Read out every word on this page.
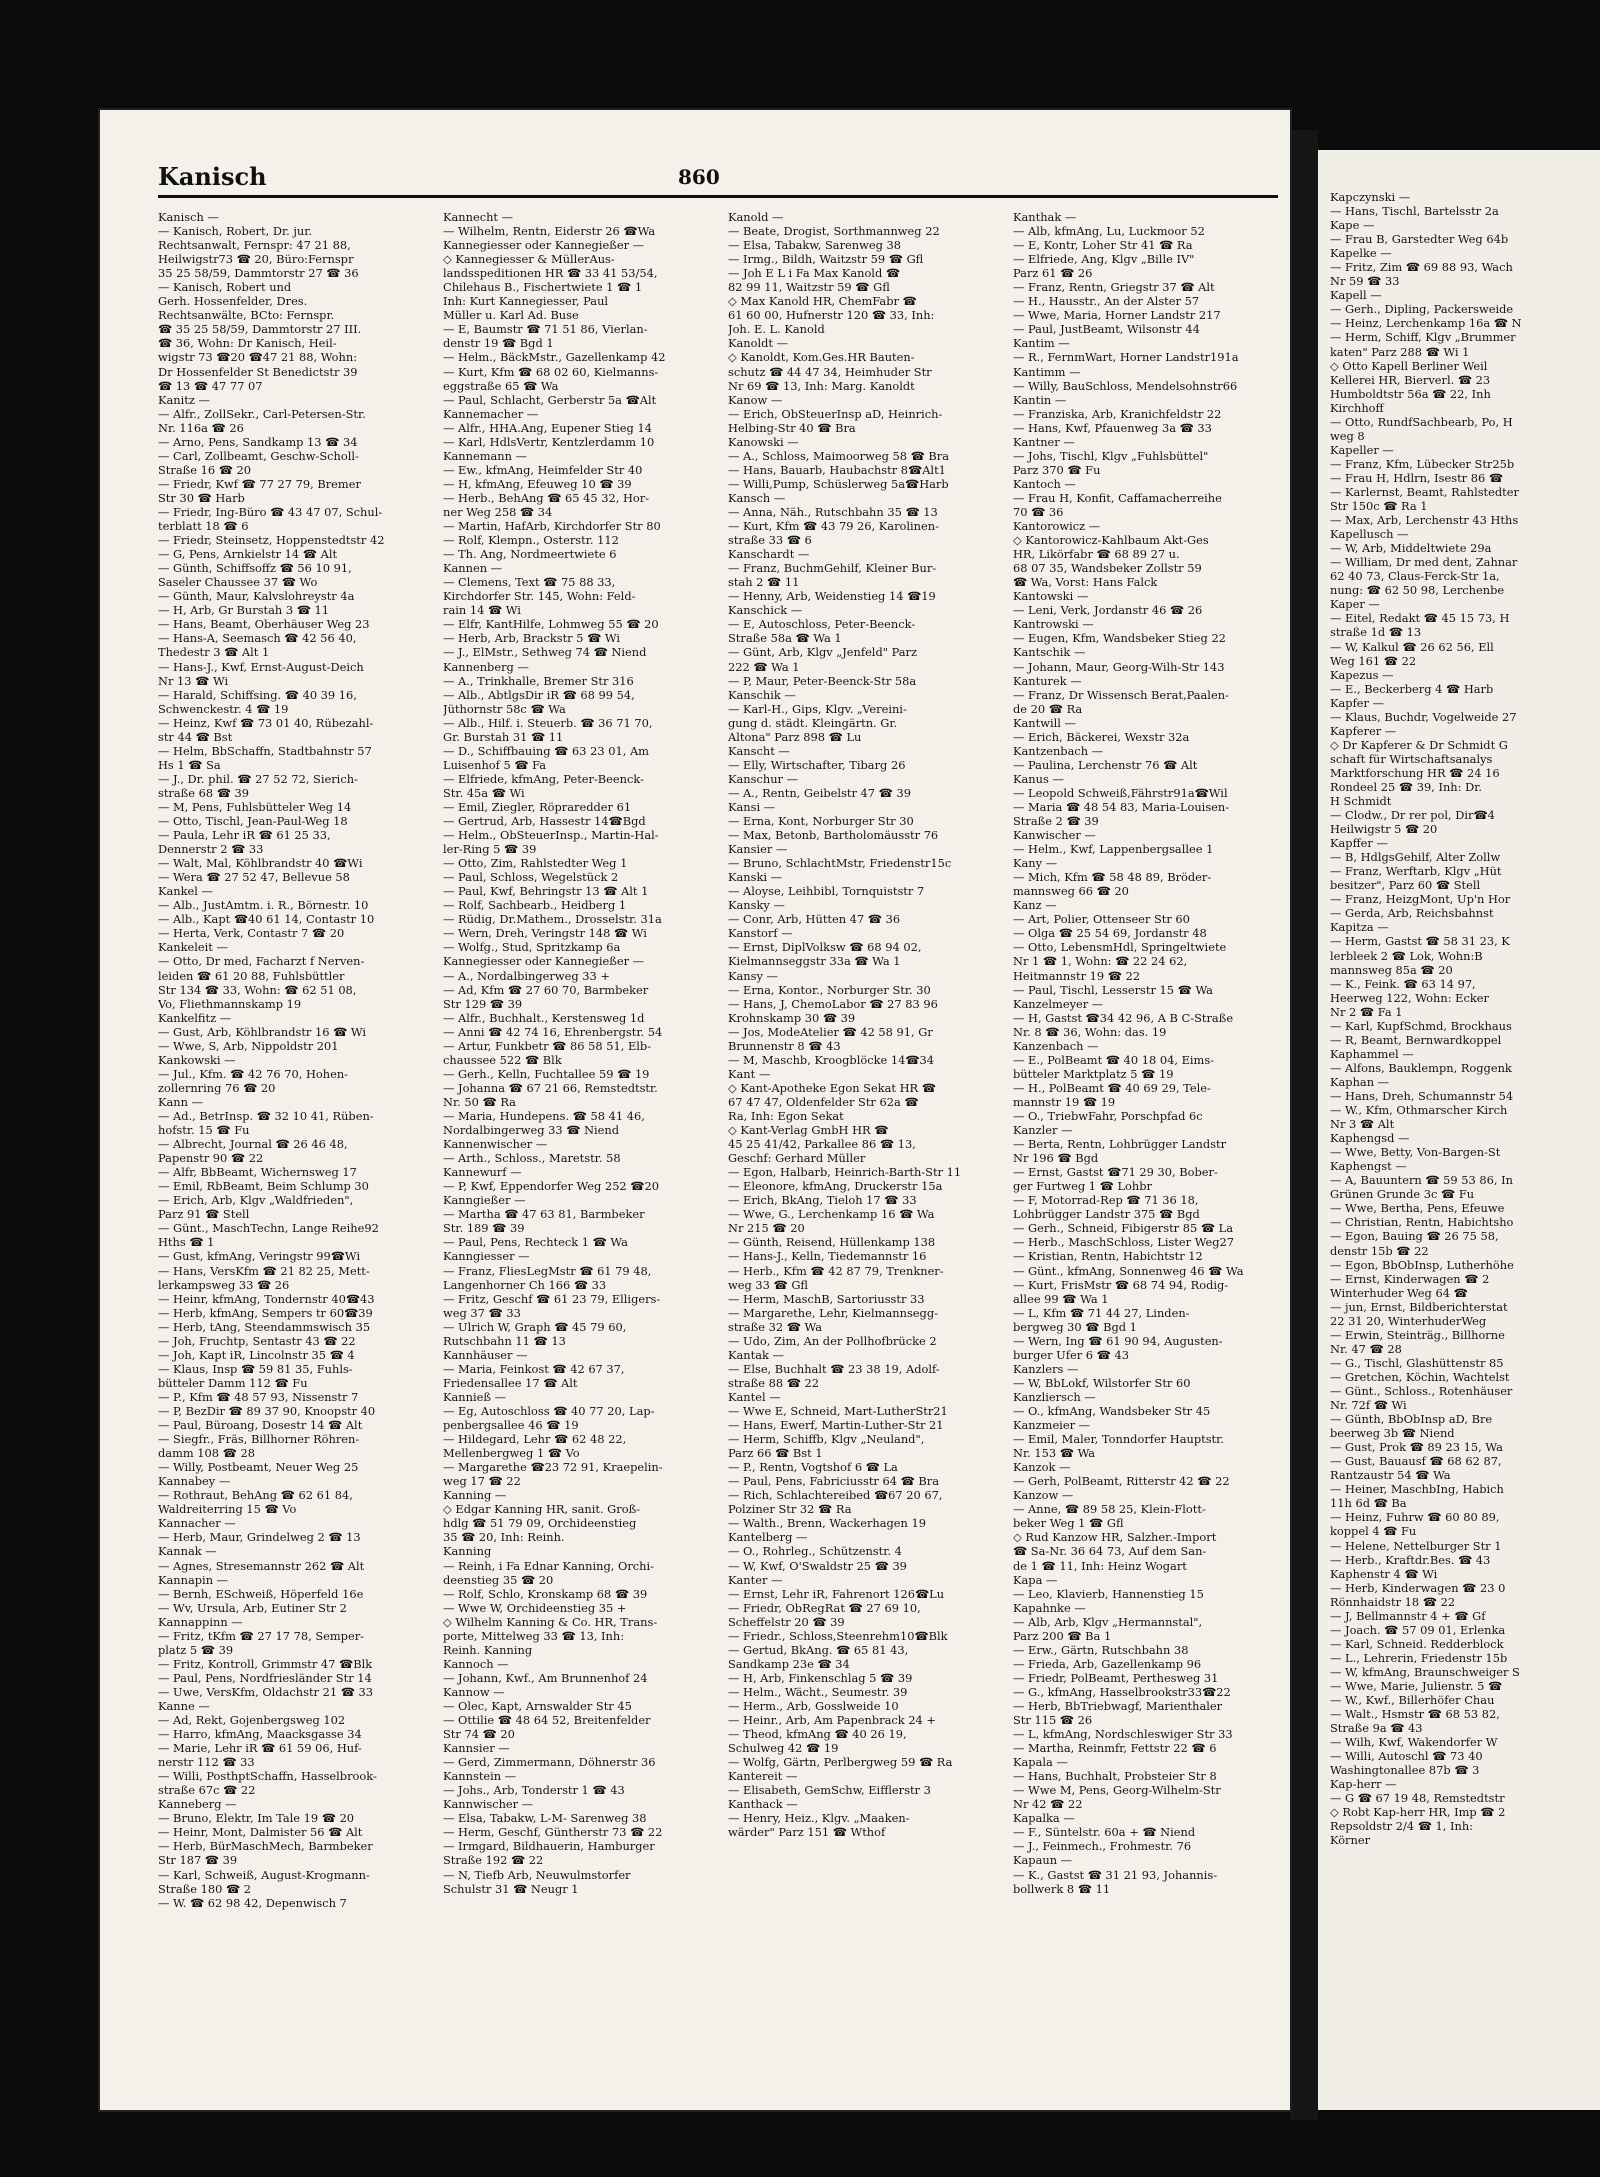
Kapczynski —
— Hans, Tischl, Bartelsstr 2a
Kape —
— Frau B, Garstedter Weg 64b
Kapelke —
— Fritz, Zim ☎ 69 88 93, Wach
Nr 59 ☎ 33
Kapell —
— Gerh., Dipling, Packersweide
— Heinz, Lerchenkamp 16a ☎ N
— Herm, Schiff, Klgv „Brummer
katen" Parz 288 ☎ Wi 1
◇ Otto Kapell Berliner Weil
Kellerei HR, Bierverl. ☎ 23
Humboldtstr 56a ☎ 22, Inh
Kirchhoff
— Otto, RundfSachbearb, Po, H
weg 8
Kapeller —
— Franz, Kfm, Lübecker Str25b
— Frau H, Hdlrn, Isestr 86 ☎
— Karlernst, Beamt, Rahlstedter
Str 150c ☎ Ra 1
— Max, Arb, Lerchenstr 43 Hths
Kapellusch —
— W, Arb, Middeltwiete 29a
— William, Dr med dent, Zahnar
62 40 73, Claus-Ferck-Str 1a,
nung: ☎ 62 50 98, Lerchenbe
Kaper —
— Eitel, Redakt ☎ 45 15 73, H
straße 1d ☎ 13
— W, Kalkul ☎ 26 62 56, Ell
Weg 161 ☎ 22
Kapezus —
— E., Beckerberg 4 ☎ Harb
Kapfer —
— Klaus, Buchdr, Vogelweide 27
Kapferer —
◇ Dr Kapferer & Dr Schmidt G
schaft für Wirtschaftsanalys
Marktforschung HR ☎ 24 16
Rondeel 25 ☎ 39, Inh: Dr.
H Schmidt
— Clodw., Dr rer pol, Dir☎4
Heilwigstr 5 ☎ 20
Kapffer —
— B, HdlgsGehilf, Alter Zollw
— Franz, Werftarb, Klgv „Hüt
besitzer", Parz 60 ☎ Stell
— Franz, HeizgMont, Up'n Hor
— Gerda, Arb, Reichsbahnst
Kapitza —
— Herm, Gastst ☎ 58 31 23, K
lerbleek 2 ☎ Lok, Wohn:B
mannsweg 85a ☎ 20
— K., Feink. ☎ 63 14 97,
Heerweg 122, Wohn: Ecker
Nr 2 ☎ Fa 1
— Karl, KupfSchmd, Brockhaus
— R, Beamt, Bernwardkoppel
Kaphammel —
— Alfons, Bauklempn, Roggenk
Kaphan —
— Hans, Dreh, Schumannstr 54
— W., Kfm, Othmarscher Kirch
Nr 3 ☎ Alt
Kaphengsd —
— Wwe, Betty, Von-Bargen-St
Kaphengst —
— A, Bauuntern ☎ 59 53 86, In
Grünen Grunde 3c ☎ Fu
— Wwe, Bertha, Pens, Efeuwe
— Christian, Rentn, Habichtsho
— Egon, Bauing ☎ 26 75 58,
denstr 15b ☎ 22
— Egon, BbObInsp, Lutherhöhe
— Ernst, Kinderwagen ☎ 2
Winterhuder Weg 64 ☎
— jun, Ernst, Bildberichterstat
22 31 20, WinterhuderWeg
— Erwin, Steinträg., Billhorne
Nr. 47 ☎ 28
— G., Tischl, Glashüttenstr 85
— Gretchen, Köchin, Wachtelst
— Günt., Schloss., Rotenhäuser
Nr. 72f ☎ Wi
— Günth, BbObInsp aD, Bre
beerweg 3b ☎ Niend
— Gust, Prok ☎ 89 23 15, Wa
— Gust, Bauausf ☎ 68 62 87,
Rantzaustr 54 ☎ Wa
— Heiner, MaschbIng, Habich
11h 6d ☎ Ba
— Heinz, Fuhrw ☎ 60 80 89,
koppel 4 ☎ Fu
— Helene, Nettelburger Str 1
— Herb., Kraftdr.Bes. ☎ 43
Kaphenstr 4 ☎ Wi
— Herb, Kinderwagen ☎ 23 0
Rönnhaidstr 18 ☎ 22
— J, Bellmannstr 4 + ☎ Gf
— Joach. ☎ 57 09 01, Erlenka
— Karl, Schneid. Redderblock
— L., Lehrerin, Friedenstr 15b
— W, kfmAng, Braunschweiger S
— Wwe, Marie, Julienstr. 5 ☎
— W., Kwf., Billerhöfer Chau
— Walt., Hsmstr ☎ 68 53 82,
Straße 9a ☎ 43
— Wilh, Kwf, Wakendorfer W
— Willi, Autoschl ☎ 73 40
Washingtonallee 87b ☎ 3
Kap-herr —
— G ☎ 67 19 48, Remstedtstr
◇ Robt Kap-herr HR, Imp ☎ 2
Repsoldstr 2/4 ☎ 1, Inh:
Körner
Kanisch	860
Kanisch —
— Kanisch, Robert, Dr. jur.
Rechtsanwalt, Fernspr: 47 21 88,
Heilwigstr73 ☎ 20, Büro:Fernspr
35 25 58/59, Dammtorstr 27 ☎ 36
— Kanisch, Robert und
Gerh. Hossenfelder, Dres.
Rechtsanwälte, BCto: Fernspr.
☎ 35 25 58/59, Dammtorstr 27 III.
☎ 36, Wohn: Dr Kanisch, Heil-
wigstr 73 ☎20 ☎47 21 88, Wohn:
Dr Hossenfelder St Benedictstr 39
☎ 13 ☎ 47 77 07
Kanitz —
— Alfr., ZollSekr., Carl-Petersen-Str.
Nr. 116a ☎ 26
— Arno, Pens, Sandkamp 13 ☎ 34
— Carl, Zollbeamt, Geschw-Scholl-
Straße 16 ☎ 20
— Friedr, Kwf ☎ 77 27 79, Bremer
Str 30 ☎ Harb
— Friedr, Ing-Büro ☎ 43 47 07, Schul-
terblatt 18 ☎ 6
— Friedr, Steinsetz, Hoppenstedtstr 42
— G, Pens, Arnkielstr 14 ☎ Alt
— Günth, Schiffsoffz ☎ 56 10 91,
Saseler Chaussee 37 ☎ Wo
— Günth, Maur, Kalvslohreystr 4a
— H, Arb, Gr Burstah 3 ☎ 11
— Hans, Beamt, Oberhäuser Weg 23
— Hans-A, Seemasch ☎ 42 56 40,
Thedestr 3 ☎ Alt 1
— Hans-J., Kwf, Ernst-August-Deich
Nr 13 ☎ Wi
— Harald, Schiffsing. ☎ 40 39 16,
Schwenckestr. 4 ☎ 19
— Heinz, Kwf ☎ 73 01 40, Rübezahl-
str 44 ☎ Bst
— Helm, BbSchaffn, Stadtbahnstr 57
Hs 1 ☎ Sa
— J., Dr. phil. ☎ 27 52 72, Sierich-
straße 68 ☎ 39
— M, Pens, Fuhlsbütteler Weg 14
— Otto, Tischl, Jean-Paul-Weg 18
— Paula, Lehr iR ☎ 61 25 33,
Dennerstr 2 ☎ 33
— Walt, Mal, Köhlbrandstr 40 ☎Wi
— Wera ☎ 27 52 47, Bellevue 58
Kankel —
— Alb., JustAmtm. i. R., Börnestr. 10
— Alb., Kapt ☎40 61 14, Contastr 10
— Herta, Verk, Contastr 7 ☎ 20
Kankeleit —
— Otto, Dr med, Facharzt f Nerven-
leiden ☎ 61 20 88, Fuhlsbüttler
Str 134 ☎ 33, Wohn: ☎ 62 51 08,
Vo, Fliethmannskamp 19
Kankelfitz —
— Gust, Arb, Köhlbrandstr 16 ☎ Wi
— Wwe, S, Arb, Nippoldstr 201
Kankowski —
— Jul., Kfm. ☎ 42 76 70, Hohen-
zollernring 76 ☎ 20
Kann —
— Ad., BetrInsp. ☎ 32 10 41, Rüben-
hofstr. 15 ☎ Fu
— Albrecht, Journal ☎ 26 46 48,
Papenstr 90 ☎ 22
— Alfr, BbBeamt, Wichernsweg 17
— Emil, RbBeamt, Beim Schlump 30
— Erich, Arb, Klgv „Waldfrieden",
Parz 91 ☎ Stell
— Günt., MaschTechn, Lange Reihe92
Hths ☎ 1
— Gust, kfmAng, Veringstr 99☎Wi
— Hans, VersKfm ☎ 21 82 25, Mett-
lerkampsweg 33 ☎ 26
— Heinr, kfmAng, Tondernstr 40☎43
— Herb, kfmAng, Sempers tr 60☎39
— Herb, tAng, Steendammswisch 35
— Joh, Fruchtp, Sentastr 43 ☎ 22
— Joh, Kapt iR, Lincolnstr 35 ☎ 4
— Klaus, Insp ☎ 59 81 35, Fuhls-
bütteler Damm 112 ☎ Fu
— P., Kfm ☎ 48 57 93, Nissenstr 7
— P, BezDir ☎ 89 37 90, Knoopstr 40
— Paul, Büroang, Dosestr 14 ☎ Alt
— Siegfr., Fräs, Billhorner Röhren-
damm 108 ☎ 28
— Willy, Postbeamt, Neuer Weg 25
Kannabey —
— Rothraut, BehAng ☎ 62 61 84,
Waldreiterring 15 ☎ Vo
Kannacher —
— Herb, Maur, Grindelweg 2 ☎ 13
Kannak —
— Agnes, Stresemannstr 262 ☎ Alt
Kannapin —
— Bernh, ESchweiß, Höperfeld 16e
— Wv, Ursula, Arb, Eutiner Str 2
Kannappinn —
— Fritz, tKfm ☎ 27 17 78, Semper-
platz 5 ☎ 39
— Fritz, Kontroll, Grimmstr 47 ☎Blk
— Paul, Pens, Nordfriesländer Str 14
— Uwe, VersKfm, Oldachstr 21 ☎ 33
Kanne —
— Ad, Rekt, Gojenbergsweg 102
— Harro, kfmAng, Maacksgasse 34
— Marie, Lehr iR ☎ 61 59 06, Huf-
nerstr 112 ☎ 33
— Willi, PosthptSchaffn, Hasselbrook-
straße 67c ☎ 22
Kanneberg —
— Bruno, Elektr, Im Tale 19 ☎ 20
— Heinr, Mont, Dalmister 56 ☎ Alt
— Herb, BürMaschMech, Barmbeker
Str 187 ☎ 39
— Karl, Schweiß, August-Krogmann-
Straße 180 ☎ 2
— W. ☎ 62 98 42, Depenwisch 7
Kannecht —
— Wilhelm, Rentn, Eiderstr 26 ☎Wa
Kannegiesser oder Kannegießer —
◇ Kannegiesser & MüllerAus-
landsspeditionen HR ☎ 33 41 53/54,
Chilehaus B., Fischertwiete 1 ☎ 1
Inh: Kurt Kannegiesser, Paul
Müller u. Karl Ad. Buse
— E, Baumstr ☎ 71 51 86, Vierlan-
denstr 19 ☎ Bgd 1
— Helm., BäckMstr., Gazellenkamp 42
— Kurt, Kfm ☎ 68 02 60, Kielmanns-
eggstraße 65 ☎ Wa
— Paul, Schlacht, Gerberstr 5a ☎Alt
Kannemacher —
— Alfr., HHA.Ang, Eupener Stieg 14
— Karl, HdlsVertr, Kentzlerdamm 10
Kannemann —
— Ew., kfmAng, Heimfelder Str 40
— H, kfmAng, Efeuweg 10 ☎ 39
— Herb., BehAng ☎ 65 45 32, Hor-
ner Weg 258 ☎ 34
— Martin, HafArb, Kirchdorfer Str 80
— Rolf, Klempn., Osterstr. 112
— Th. Ang, Nordmeertwiete 6
Kannen —
— Clemens, Text ☎ 75 88 33,
Kirchdorfer Str. 145, Wohn: Feld-
rain 14 ☎ Wi
— Elfr, KantHilfe, Lohmweg 55 ☎ 20
— Herb, Arb, Brackstr 5 ☎ Wi
— J., ElMstr., Sethweg 74 ☎ Niend
Kannenberg —
— A., Trinkhalle, Bremer Str 316
— Alb., AbtlgsDir iR ☎ 68 99 54,
Jüthornstr 58c ☎ Wa
— Alb., Hilf. i. Steuerb. ☎ 36 71 70,
Gr. Burstah 31 ☎ 11
— D., Schiffbauing ☎ 63 23 01, Am
Luisenhof 5 ☎ Fa
— Elfriede, kfmAng, Peter-Beenck-
Str. 45a ☎ Wi
— Emil, Ziegler, Röpraredder 61
— Gertrud, Arb, Hassestr 14☎Bgd
— Helm., ObSteuerInsp., Martin-Hal-
ler-Ring 5 ☎ 39
— Otto, Zim, Rahlstedter Weg 1
— Paul, Schloss, Wegelstück 2
— Paul, Kwf, Behringstr 13 ☎ Alt 1
— Rolf, Sachbearb., Heidberg 1
— Rüdig, Dr.Mathem., Drosselstr. 31a
— Wern, Dreh, Veringstr 148 ☎ Wi
— Wolfg., Stud, Spritzkamp 6a
Kannegiesser oder Kannegießer —
— A., Nordalbingerweg 33 +
— Ad, Kfm ☎ 27 60 70, Barmbeker
Str 129 ☎ 39
— Alfr., Buchhalt., Kerstensweg 1d
— Anni ☎ 42 74 16, Ehrenbergstr. 54
— Artur, Funkbetr ☎ 86 58 51, Elb-
chaussee 522 ☎ Blk
— Gerh., Kelln, Fuchtallee 59 ☎ 19
— Johanna ☎ 67 21 66, Remstedtstr.
Nr. 50 ☎ Ra
— Maria, Hundepens. ☎ 58 41 46,
Nordalbingerweg 33 ☎ Niend
Kannenwischer —
— Arth., Schloss., Maretstr. 58
Kannewurf —
— P, Kwf, Eppendorfer Weg 252 ☎20
Kanngießer —
— Martha ☎ 47 63 81, Barmbeker
Str. 189 ☎ 39
— Paul, Pens, Rechteck 1 ☎ Wa
Kanngiesser —
— Franz, FliesLegMstr ☎ 61 79 48,
Langenhorner Ch 166 ☎ 33
— Fritz, Geschf ☎ 61 23 79, Elligers-
weg 37 ☎ 33
— Ulrich W, Graph ☎ 45 79 60,
Rutschbahn 11 ☎ 13
Kannhäuser —
— Maria, Feinkost ☎ 42 67 37,
Friedensallee 17 ☎ Alt
Kannieß —
— Eg, Autoschloss ☎ 40 77 20, Lap-
penbergsallee 46 ☎ 19
— Hildegard, Lehr ☎ 62 48 22,
Mellenbergweg 1 ☎ Vo
— Margarethe ☎23 72 91, Kraepelin-
weg 17 ☎ 22
Kanning —
◇ Edgar Kanning HR, sanit. Groß-
hdlg ☎ 51 79 09, Orchideenstieg
35 ☎ 20, Inh: Reinh.
Kanning
— Reinh, i Fa Ednar Kanning, Orchi-
deenstieg 35 ☎ 20
— Rolf, Schlo, Kronskamp 68 ☎ 39
— Wwe W, Orchideenstieg 35 +
◇ Wilhelm Kanning & Co. HR, Trans-
porte, Mittelweg 33 ☎ 13, Inh:
Reinh. Kanning
Kannoch —
— Johann, Kwf., Am Brunnenhof 24
Kannow —
— Olec, Kapt, Arnswalder Str 45
— Ottilie ☎ 48 64 52, Breitenfelder
Str 74 ☎ 20
Kannsier —
— Gerd, Zimmermann, Döhnerstr 36
Kannstein —
— Johs., Arb, Tonderstr 1 ☎ 43
Kannwischer —
— Elsa, Tabakw, L-M- Sarenweg 38
— Herm, Geschf, Güntherstr 73 ☎ 22
— Irmgard, Bildhauerin, Hamburger
Straße 192 ☎ 22
— N, Tiefb Arb, Neuwulmstorfer
Schulstr 31 ☎ Neugr 1
Kanold —
— Beate, Drogist, Sorthmannweg 22
— Elsa, Tabakw, Sarenweg 38
— Irmg., Bildh, Waitzstr 59 ☎ Gfl
— Joh E L i Fa Max Kanold ☎
82 99 11, Waitzstr 59 ☎ Gfl
◇ Max Kanold HR, ChemFabr ☎
61 60 00, Hufnerstr 120 ☎ 33, Inh:
Joh. E. L. Kanold
Kanoldt —
◇ Kanoldt, Kom.Ges.HR Bauten-
schutz ☎ 44 47 34, Heimhuder Str
Nr 69 ☎ 13, Inh: Marg. Kanoldt
Kanow —
— Erich, ObSteuerInsp aD, Heinrich-
Helbing-Str 40 ☎ Bra
Kanowski —
— A., Schloss, Maimoorweg 58 ☎ Bra
— Hans, Bauarb, Haubachstr 8☎Alt1
— Willi,Pump, Schüslerweg 5a☎Harb
Kansch —
— Anna, Näh., Rutschbahn 35 ☎ 13
— Kurt, Kfm ☎ 43 79 26, Karolinen-
straße 33 ☎ 6
Kanschardt —
— Franz, BuchmGehilf, Kleiner Bur-
stah 2 ☎ 11
— Henny, Arb, Weidenstieg 14 ☎19
Kanschick —
— E, Autoschloss, Peter-Beenck-
Straße 58a ☎ Wa 1
— Günt, Arb, Klgv „Jenfeld" Parz
222 ☎ Wa 1
— P, Maur, Peter-Beenck-Str 58a
Kanschik —
— Karl-H., Gips, Klgv. „Vereini-
gung d. städt. Kleingärtn. Gr.
Altona" Parz 898 ☎ Lu
Kanscht —
— Elly, Wirtschafter, Tibarg 26
Kanschur —
— A., Rentn, Geibelstr 47 ☎ 39
Kansi —
— Erna, Kont, Norburger Str 30
— Max, Betonb, Bartholomäusstr 76
Kansier —
— Bruno, SchlachtMstr, Friedenstr15c
Kanski —
— Aloyse, Leihbibl, Tornquiststr 7
Kansky —
— Conr, Arb, Hütten 47 ☎ 36
Kanstorf —
— Ernst, DiplVolksw ☎ 68 94 02,
Kielmannseggstr 33a ☎ Wa 1
Kansy —
— Erna, Kontor., Norburger Str. 30
— Hans, J, ChemoLabor ☎ 27 83 96
Krohnskamp 30 ☎ 39
— Jos, ModeAtelier ☎ 42 58 91, Gr
Brunnenstr 8 ☎ 43
— M, Maschb, Kroogblöcke 14☎34
Kant —
◇ Kant-Apotheke Egon Sekat HR ☎
67 47 47, Oldenfelder Str 62a ☎
Ra, Inh: Egon Sekat
◇ Kant-Verlag GmbH HR ☎
45 25 41/42, Parkallee 86 ☎ 13,
Geschf: Gerhard Müller
— Egon, Halbarb, Heinrich-Barth-Str 11
— Eleonore, kfmAng, Druckerstr 15a
— Erich, BkAng, Tieloh 17 ☎ 33
— Wwe, G., Lerchenkamp 16 ☎ Wa
Nr 215 ☎ 20
— Günth, Reisend, Hüllenkamp 138
— Hans-J., Kelln, Tiedemannstr 16
— Herb., Kfm ☎ 42 87 79, Trenkner-
weg 33 ☎ Gfl
— Herm, MaschB, Sartoriusstr 33
— Margarethe, Lehr, Kielmannsegg-
straße 32 ☎ Wa
— Udo, Zim, An der Pollhofbrücke 2
Kantak —
— Else, Buchhalt ☎ 23 38 19, Adolf-
straße 88 ☎ 22
Kantel —
— Wwe E, Schneid, Mart-LutherStr21
— Hans, Ewerf, Martin-Luther-Str 21
— Herm, Schiffb, Klgv „Neuland",
Parz 66 ☎ Bst 1
— P., Rentn, Vogtshof 6 ☎ La
— Paul, Pens, Fabriciusstr 64 ☎ Bra
— Rich, Schlachtereibed ☎67 20 67,
Polziner Str 32 ☎ Ra
— Walth., Brenn, Wackerhagen 19
Kantelberg —
— O., Rohrleg., Schützenstr. 4
— W, Kwf, O'Swaldstr 25 ☎ 39
Kanter —
— Ernst, Lehr iR, Fahrenort 126☎Lu
— Friedr, ObRegRat ☎ 27 69 10,
Scheffelstr 20 ☎ 39
— Friedr., Schloss,Steenrehm10☎Blk
— Gertud, BkAng. ☎ 65 81 43,
Sandkamp 23e ☎ 34
— H, Arb, Finkenschlag 5 ☎ 39
— Helm., Wächt., Seumestr. 39
— Herm., Arb, Gosslweide 10
— Heinr., Arb, Am Papenbrack 24 +
— Theod, kfmAng ☎ 40 26 19,
Schulweg 42 ☎ 19
— Wolfg, Gärtn, Perlbergweg 59 ☎ Ra
Kantereit —
— Elisabeth, GemSchw, Eifflerstr 3
Kanthack —
— Henry, Heiz., Klgv. „Maaken-
wärder" Parz 151 ☎ Wthof
Kanthak —
— Alb, kfmAng, Lu, Luckmoor 52
— E, Kontr, Loher Str 41 ☎ Ra
— Elfriede, Ang, Klgv „Bille IV"
Parz 61 ☎ 26
— Franz, Rentn, Griegstr 37 ☎ Alt
— H., Hausstr., An der Alster 57
— Wwe, Maria, Horner Landstr 217
— Paul, JustBeamt, Wilsonstr 44
Kantim —
— R., FernmWart, Horner Landstr191a
Kantimm —
— Willy, BauSchloss, Mendelsohnstr66
Kantin —
— Franziska, Arb, Kranichfeldstr 22
— Hans, Kwf, Pfauenweg 3a ☎ 33
Kantner —
— Johs, Tischl, Klgv „Fuhlsbüttel"
Parz 370 ☎ Fu
Kantoch —
— Frau H, Konfit, Caffamacherreihe
70 ☎ 36
Kantorowicz —
◇ Kantorowicz-Kahlbaum Akt-Ges
HR, Likörfabr ☎ 68 89 27 u.
68 07 35, Wandsbeker Zollstr 59
☎ Wa, Vorst: Hans Falck
Kantowski —
— Leni, Verk, Jordanstr 46 ☎ 26
Kantrowski —
— Eugen, Kfm, Wandsbeker Stieg 22
Kantschik —
— Johann, Maur, Georg-Wilh-Str 143
Kanturek —
— Franz, Dr Wissensch Berat,Paalen-
de 20 ☎ Ra
Kantwill —
— Erich, Bäckerei, Wexstr 32a
Kantzenbach —
— Paulina, Lerchenstr 76 ☎ Alt
Kanus —
— Leopold Schweiß,Fährstr91a☎Wil
— Maria ☎ 48 54 83, Maria-Louisen-
Straße 2 ☎ 39
Kanwischer —
— Helm., Kwf, Lappenbergsallee 1
Kany —
— Mich, Kfm ☎ 58 48 89, Bröder-
mannsweg 66 ☎ 20
Kanz —
— Art, Polier, Ottenseer Str 60
— Olga ☎ 25 54 69, Jordanstr 48
— Otto, LebensmHdl, Springeltwiete
Nr 1 ☎ 1, Wohn: ☎ 22 24 62,
Heitmannstr 19 ☎ 22
— Paul, Tischl, Lesserstr 15 ☎ Wa
Kanzelmeyer —
— H, Gastst ☎34 42 96, A B C-Straße
Nr. 8 ☎ 36, Wohn: das. 19
Kanzenbach —
— E., PolBeamt ☎ 40 18 04, Eims-
bütteler Marktplatz 5 ☎ 19
— H., PolBeamt ☎ 40 69 29, Tele-
mannstr 19 ☎ 19
— O., TriebwFahr, Porschpfad 6c
Kanzler —
— Berta, Rentn, Lohbrügger Landstr
Nr 196 ☎ Bgd
— Ernst, Gastst ☎71 29 30, Bober-
ger Furtweg 1 ☎ Lohbr
— F, Motorrad-Rep ☎ 71 36 18,
Lohbrügger Landstr 375 ☎ Bgd
— Gerh., Schneid, Fibigerstr 85 ☎ La
— Herb., MaschSchloss, Lister Weg27
— Kristian, Rentn, Habichtstr 12
— Günt., kfmAng, Sonnenweg 46 ☎ Wa
— Kurt, FrisMstr ☎ 68 74 94, Rodig-
allee 99 ☎ Wa 1
— L, Kfm ☎ 71 44 27, Linden-
bergweg 30 ☎ Bgd 1
— Wern, Ing ☎ 61 90 94, Augusten-
burger Ufer 6 ☎ 43
Kanzlers —
— W, BbLokf, Wilstorfer Str 60
Kanzliersch —
— O., kfmAng, Wandsbeker Str 45
Kanzmeier —
— Emil, Maler, Tonndorfer Hauptstr.
Nr. 153 ☎ Wa
Kanzok —
— Gerh, PolBeamt, Ritterstr 42 ☎ 22
Kanzow —
— Anne, ☎ 89 58 25, Klein-Flott-
beker Weg 1 ☎ Gfl
◇ Rud Kanzow HR, Salzher.-Import
☎ Sa-Nr. 36 64 73, Auf dem San-
de 1 ☎ 11, Inh: Heinz Wogart
Kapa —
— Leo, Klavierb, Hannenstieg 15
Kapahnke —
— Alb, Arb, Klgv „Hermannstal",
Parz 200 ☎ Ba 1
— Erw., Gärtn, Rutschbahn 38
— Frieda, Arb, Gazellenkamp 96
— Friedr, PolBeamt, Perthesweg 31
— G., kfmAng, Hasselbrookstr33☎22
— Herb, BbTriebwagf, Marienthaler
Str 115 ☎ 26
— L, kfmAng, Nordschleswiger Str 33
— Martha, Reinmfr, Fettstr 22 ☎ 6
Kapala —
— Hans, Buchhalt, Probsteier Str 8
— Wwe M, Pens, Georg-Wilhelm-Str
Nr 42 ☎ 22
Kapalka —
— F., Süntelstr. 60a + ☎ Niend
— J., Feinmech., Frohmestr. 76
Kapaun —
— K., Gastst ☎ 31 21 93, Johannis-
bollwerk 8 ☎ 11
